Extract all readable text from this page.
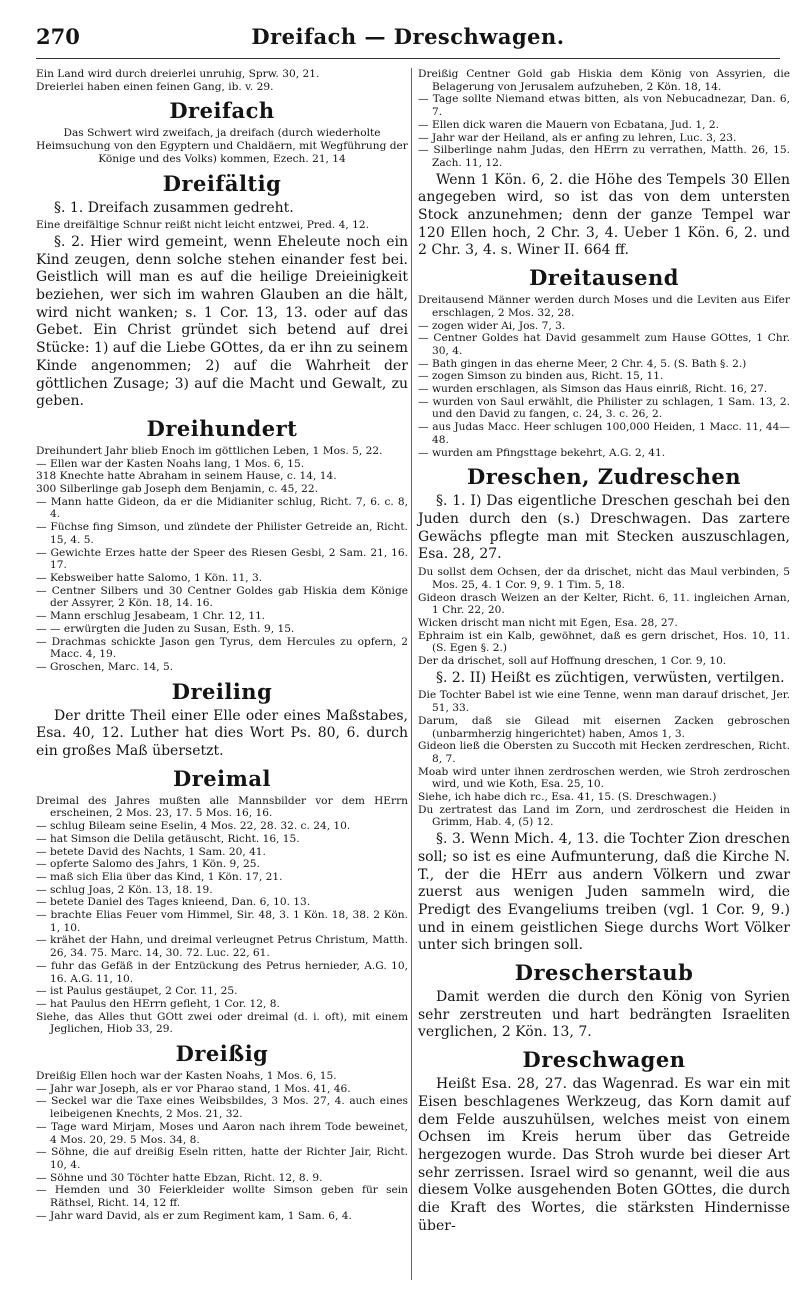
270	Dreifach — Dreschwagen.
Ein Land wird durch dreierlei unruhig, Sprw. 30, 21.
Dreierlei haben einen feinen Gang, ib. v. 29.
Dreifach
Das Schwert wird zweifach, ja dreifach (durch wiederholte Heimsuchung von den Egyptern und Chaldäern, mit Wegführung der Könige und des Volks) kommen, Ezech. 21, 14
Dreifältig
§. 1. Dreifach zusammen gedreht.
Eine dreifältige Schnur reißt nicht leicht entzwei, Pred. 4, 12.
§. 2. Hier wird gemeint, wenn Eheleute noch ein Kind zeugen, denn solche stehen einander fest bei. Geistlich will man es auf die heilige Dreieinigkeit beziehen, wer sich im wahren Glauben an die hält, wird nicht wanken; s. 1 Cor. 13, 13. oder auf das Gebet. Ein Christ gründet sich betend auf drei Stücke: 1) auf die Liebe GOttes, da er ihn zu seinem Kinde angenommen; 2) auf die Wahrheit der göttlichen Zusage; 3) auf die Macht und Gewalt, zu geben.
Dreihundert
Dreihundert Jahr blieb Enoch im göttlichen Leben, 1 Mos. 5, 22.
— Ellen war der Kasten Noahs lang, 1 Mos. 6, 15.
318 Knechte hatte Abraham in seinem Hause, c. 14, 14.
300 Silberlinge gab Joseph dem Benjamin, c. 45, 22.
— Mann hatte Gideon, da er die Midianiter schlug, Richt. 7, 6. c. 8, 4.
— Füchse fing Simson, und zündete der Philister Getreide an, Richt. 15, 4. 5.
— Gewichte Erzes hatte der Speer des Riesen Gesbi, 2 Sam. 21, 16. 17.
— Kebsweiber hatte Salomo, 1 Kön. 11, 3.
— Centner Silbers und 30 Centner Goldes gab Hiskia dem Könige der Assyrer, 2 Kön. 18, 14. 16.
— Mann erschlug Jesabeam, 1 Chr. 12, 11.
— — erwürgten die Juden zu Susan, Esth. 9, 15.
— Drachmas schickte Jason gen Tyrus, dem Hercules zu opfern, 2 Macc. 4, 19.
— Groschen, Marc. 14, 5.
Dreiling
Der dritte Theil einer Elle oder eines Maßstabes, Esa. 40, 12. Luther hat dies Wort Ps. 80, 6. durch ein großes Maß übersetzt.
Dreimal
Dreimal des Jahres mußten alle Mannsbilder vor dem HErrn erscheinen, 2 Mos. 23, 17. 5 Mos. 16, 16.
— schlug Bileam seine Eselin, 4 Mos. 22, 28. 32. c. 24, 10.
— hat Simson die Delila getäuscht, Richt. 16, 15.
— betete David des Nachts, 1 Sam. 20, 41.
— opferte Salomo des Jahrs, 1 Kön. 9, 25.
— maß sich Elia über das Kind, 1 Kön. 17, 21.
— schlug Joas, 2 Kön. 13, 18. 19.
— betete Daniel des Tages knieend, Dan. 6, 10. 13.
— brachte Elias Feuer vom Himmel, Sir. 48, 3. 1 Kön. 18, 38. 2 Kön. 1, 10.
— krähet der Hahn, und dreimal verleugnet Petrus Christum, Matth. 26, 34. 75. Marc. 14, 30. 72. Luc. 22, 61.
— fuhr das Gefäß in der Entzückung des Petrus hernieder, A.G. 10, 16. A.G. 11, 10.
— ist Paulus gestäupet, 2 Cor. 11, 25.
— hat Paulus den HErrn gefleht, 1 Cor. 12, 8.
Siehe, das Alles thut GOtt zwei oder dreimal (d. i. oft), mit einem Jeglichen, Hiob 33, 29.
Dreißig
Dreißig Ellen hoch war der Kasten Noahs, 1 Mos. 6, 15.
— Jahr war Joseph, als er vor Pharao stand, 1 Mos. 41, 46.
— Seckel war die Taxe eines Weibsbildes, 3 Mos. 27, 4. auch eines leibeigenen Knechts, 2 Mos. 21, 32.
— Tage ward Mirjam, Moses und Aaron nach ihrem Tode beweinet, 4 Mos. 20, 29. 5 Mos. 34, 8.
— Söhne, die auf dreißig Eseln ritten, hatte der Richter Jair, Richt. 10, 4.
— Söhne und 30 Töchter hatte Ebzan, Richt. 12, 8. 9.
— Hemden und 30 Feierkleider wollte Simson geben für sein Räthsel, Richt. 14, 12 ff.
— Jahr ward David, als er zum Regiment kam, 1 Sam. 6, 4.
Dreißig Centner Gold gab Hiskia dem König von Assyrien, die Belagerung von Jerusalem aufzuheben, 2 Kön. 18, 14.
— Tage sollte Niemand etwas bitten, als von Nebucadnezar, Dan. 6, 7.
— Ellen dick waren die Mauern von Ecbatana, Jud. 1, 2.
— Jahr war der Heiland, als er anfing zu lehren, Luc. 3, 23.
— Silberlinge nahm Judas, den HErrn zu verrathen, Matth. 26, 15. Zach. 11, 12.
Wenn 1 Kön. 6, 2. die Höhe des Tempels 30 Ellen angegeben wird, so ist das von dem untersten Stock anzunehmen; denn der ganze Tempel war 120 Ellen hoch, 2 Chr. 3, 4. Ueber 1 Kön. 6, 2. und 2 Chr. 3, 4. s. Winer II. 664 ff.
Dreitausend
Dreitausend Männer werden durch Moses und die Leviten aus Eifer erschlagen, 2 Mos. 32, 28.
— zogen wider Ai, Jos. 7, 3.
— Centner Goldes hat David gesammelt zum Hause GOttes, 1 Chr. 30, 4.
— Bath gingen in das eherne Meer, 2 Chr. 4, 5. (S. Bath §. 2.)
— zogen Simson zu binden aus, Richt. 15, 11.
— wurden erschlagen, als Simson das Haus einriß, Richt. 16, 27.
— wurden von Saul erwählt, die Philister zu schlagen, 1 Sam. 13, 2. und den David zu fangen, c. 24, 3. c. 26, 2.
— aus Judas Macc. Heer schlugen 100,000 Heiden, 1 Macc. 11, 44—48.
— wurden am Pfingsttage bekehrt, A.G. 2, 41.
Dreschen, Zudreschen
§. 1. I) Das eigentliche Dreschen geschah bei den Juden durch den (s.) Dreschwagen. Das zartere Gewächs pflegte man mit Stecken auszuschlagen, Esa. 28, 27.
Du sollst dem Ochsen, der da drischet, nicht das Maul verbinden, 5 Mos. 25, 4. 1 Cor. 9, 9. 1 Tim. 5, 18.
Gideon drasch Weizen an der Kelter, Richt. 6, 11. ingleichen Arnan, 1 Chr. 22, 20.
Wicken drischt man nicht mit Egen, Esa. 28, 27.
Ephraim ist ein Kalb, gewöhnet, daß es gern drischet, Hos. 10, 11. (S. Egen §. 2.)
Der da drischet, soll auf Hoffnung dreschen, 1 Cor. 9, 10.
§. 2. II) Heißt es züchtigen, verwüsten, vertilgen.
Die Tochter Babel ist wie eine Tenne, wenn man darauf drischet, Jer. 51, 33.
Darum, daß sie Gilead mit eisernen Zacken gebroschen (unbarmherzig hingerichtet) haben, Amos 1, 3.
Gideon ließ die Obersten zu Succoth mit Hecken zerdreschen, Richt. 8, 7.
Moab wird unter ihnen zerdroschen werden, wie Stroh zerdroschen wird, und wie Koth, Esa. 25, 10.
Siehe, ich habe dich rc., Esa. 41, 15. (S. Dreschwagen.)
Du zertratest das Land im Zorn, und zerdroschest die Heiden in Grimm, Hab. 4, (5) 12.
§. 3. Wenn Mich. 4, 13. die Tochter Zion dreschen soll; so ist es eine Aufmunterung, daß die Kirche N. T., der die HErr aus andern Völkern und zwar zuerst aus wenigen Juden sammeln wird, die Predigt des Evangeliums treiben (vgl. 1 Cor. 9, 9.) und in einem geistlichen Siege durchs Wort Völker unter sich bringen soll.
Drescherstaub
Damit werden die durch den König von Syrien sehr zerstreuten und hart bedrängten Israeliten verglichen, 2 Kön. 13, 7.
Dreschwagen
Heißt Esa. 28, 27. das Wagenrad. Es war ein mit Eisen beschlagenes Werkzeug, das Korn damit auf dem Felde auszuhülsen, welches meist von einem Ochsen im Kreis herum über das Getreide hergezogen wurde. Das Stroh wurde bei dieser Art sehr zerrissen. Israel wird so genannt, weil die aus diesem Volke ausgehenden Boten GOttes, die durch die Kraft des Wortes, die stärksten Hindernisse über-
